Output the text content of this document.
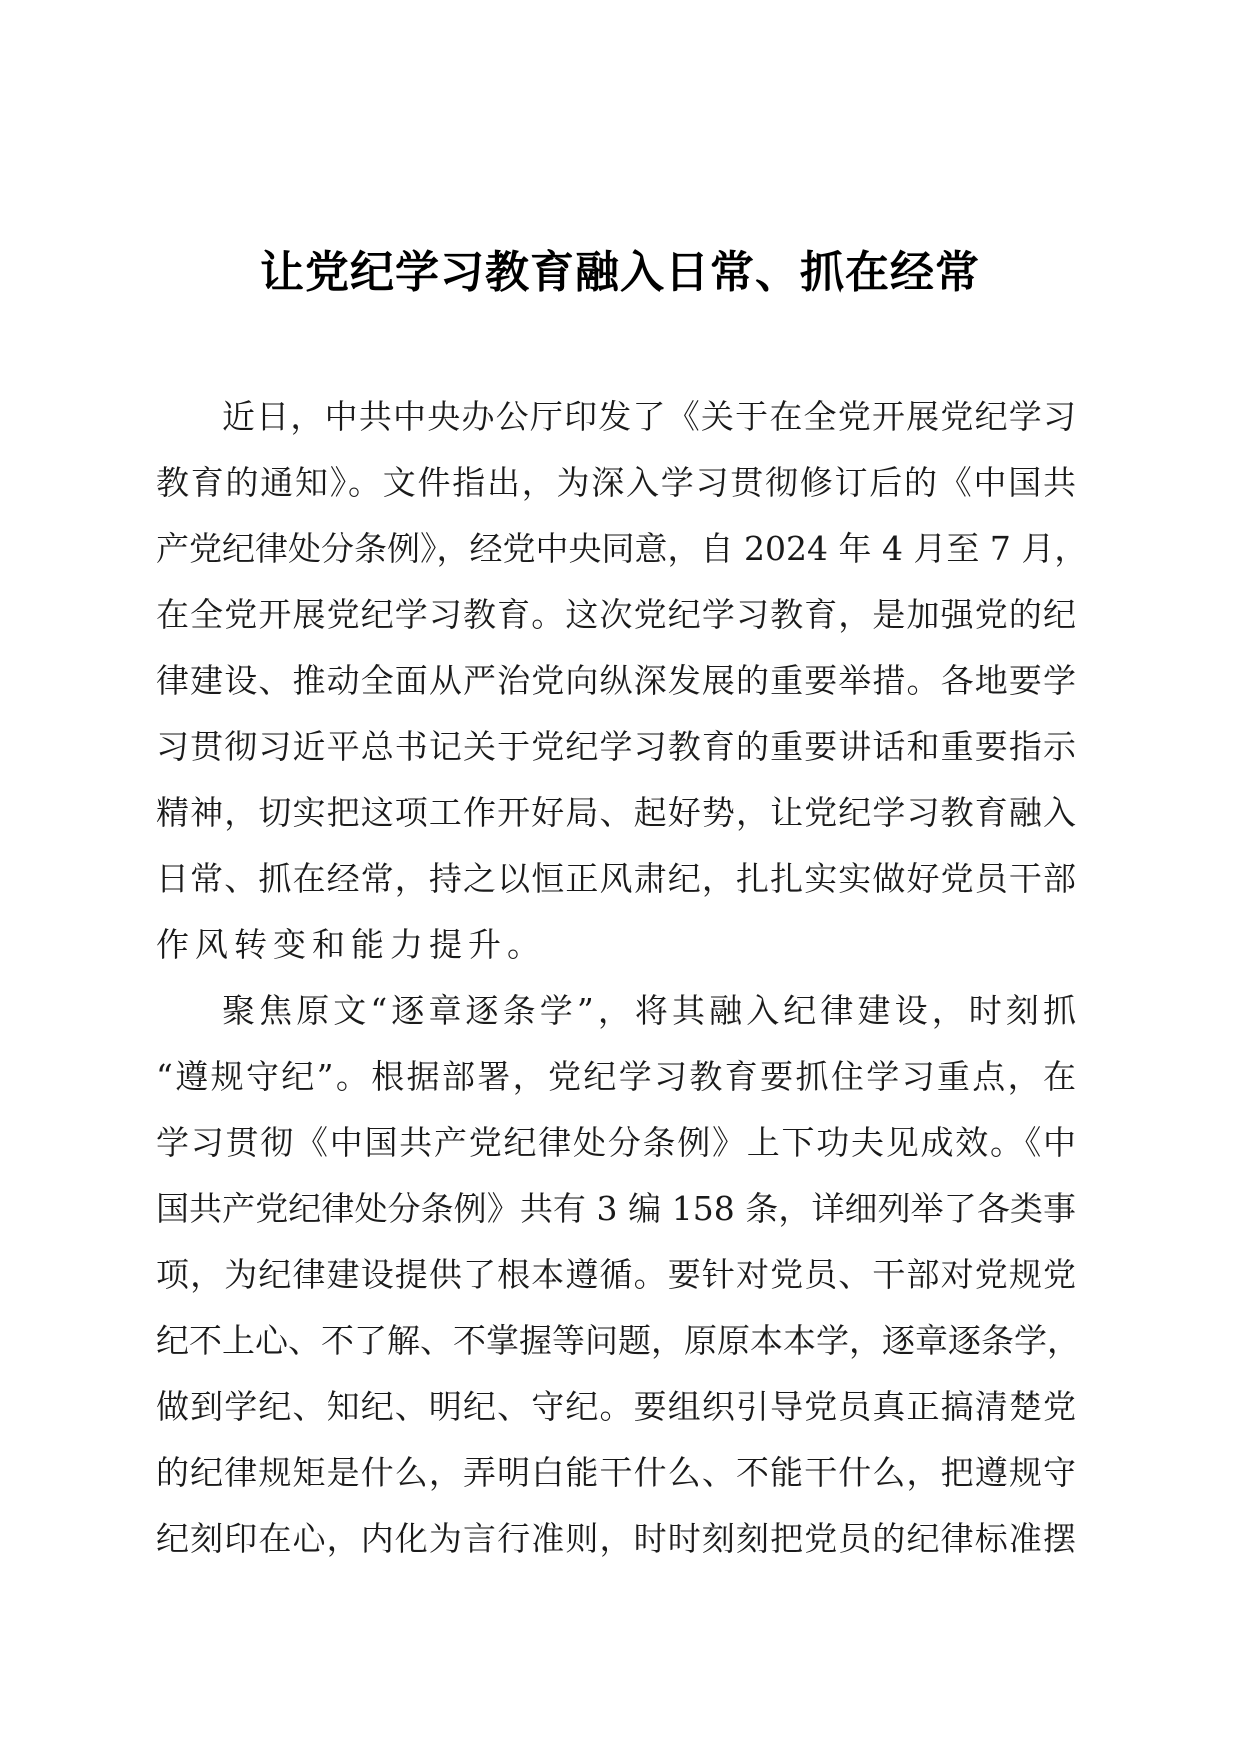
让党纪学习教育融入日常、抓在经常
近日，中共中央办公厅印发了《关于在全党开展党纪学习
教育的通知》。文件指出，为深入学习贯彻修订后的《中国共
产党纪律处分条例》，经党中央同意，自 2024 年 4 月至 7 月，
在全党开展党纪学习教育。这次党纪学习教育，是加强党的纪
律建设、推动全面从严治党向纵深发展的重要举措。各地要学
习贯彻习近平总书记关于党纪学习教育的重要讲话和重要指示
精神，切实把这项工作开好局、起好势，让党纪学习教育融入
日常、抓在经常，持之以恒正风肃纪，扎扎实实做好党员干部
作风转变和能力提升。
聚焦原文“逐章逐条学”，将其融入纪律建设，时刻抓
“遵规守纪”。根据部署，党纪学习教育要抓住学习重点，在
学习贯彻《中国共产党纪律处分条例》上下功夫见成效。《中
国共产党纪律处分条例》共有 3 编 158 条，详细列举了各类事
项，为纪律建设提供了根本遵循。要针对党员、干部对党规党
纪不上心、不了解、不掌握等问题，原原本本学，逐章逐条学，
做到学纪、知纪、明纪、守纪。要组织引导党员真正搞清楚党
的纪律规矩是什么，弄明白能干什么、不能干什么，把遵规守
纪刻印在心，内化为言行准则，时时刻刻把党员的纪律标准摆
